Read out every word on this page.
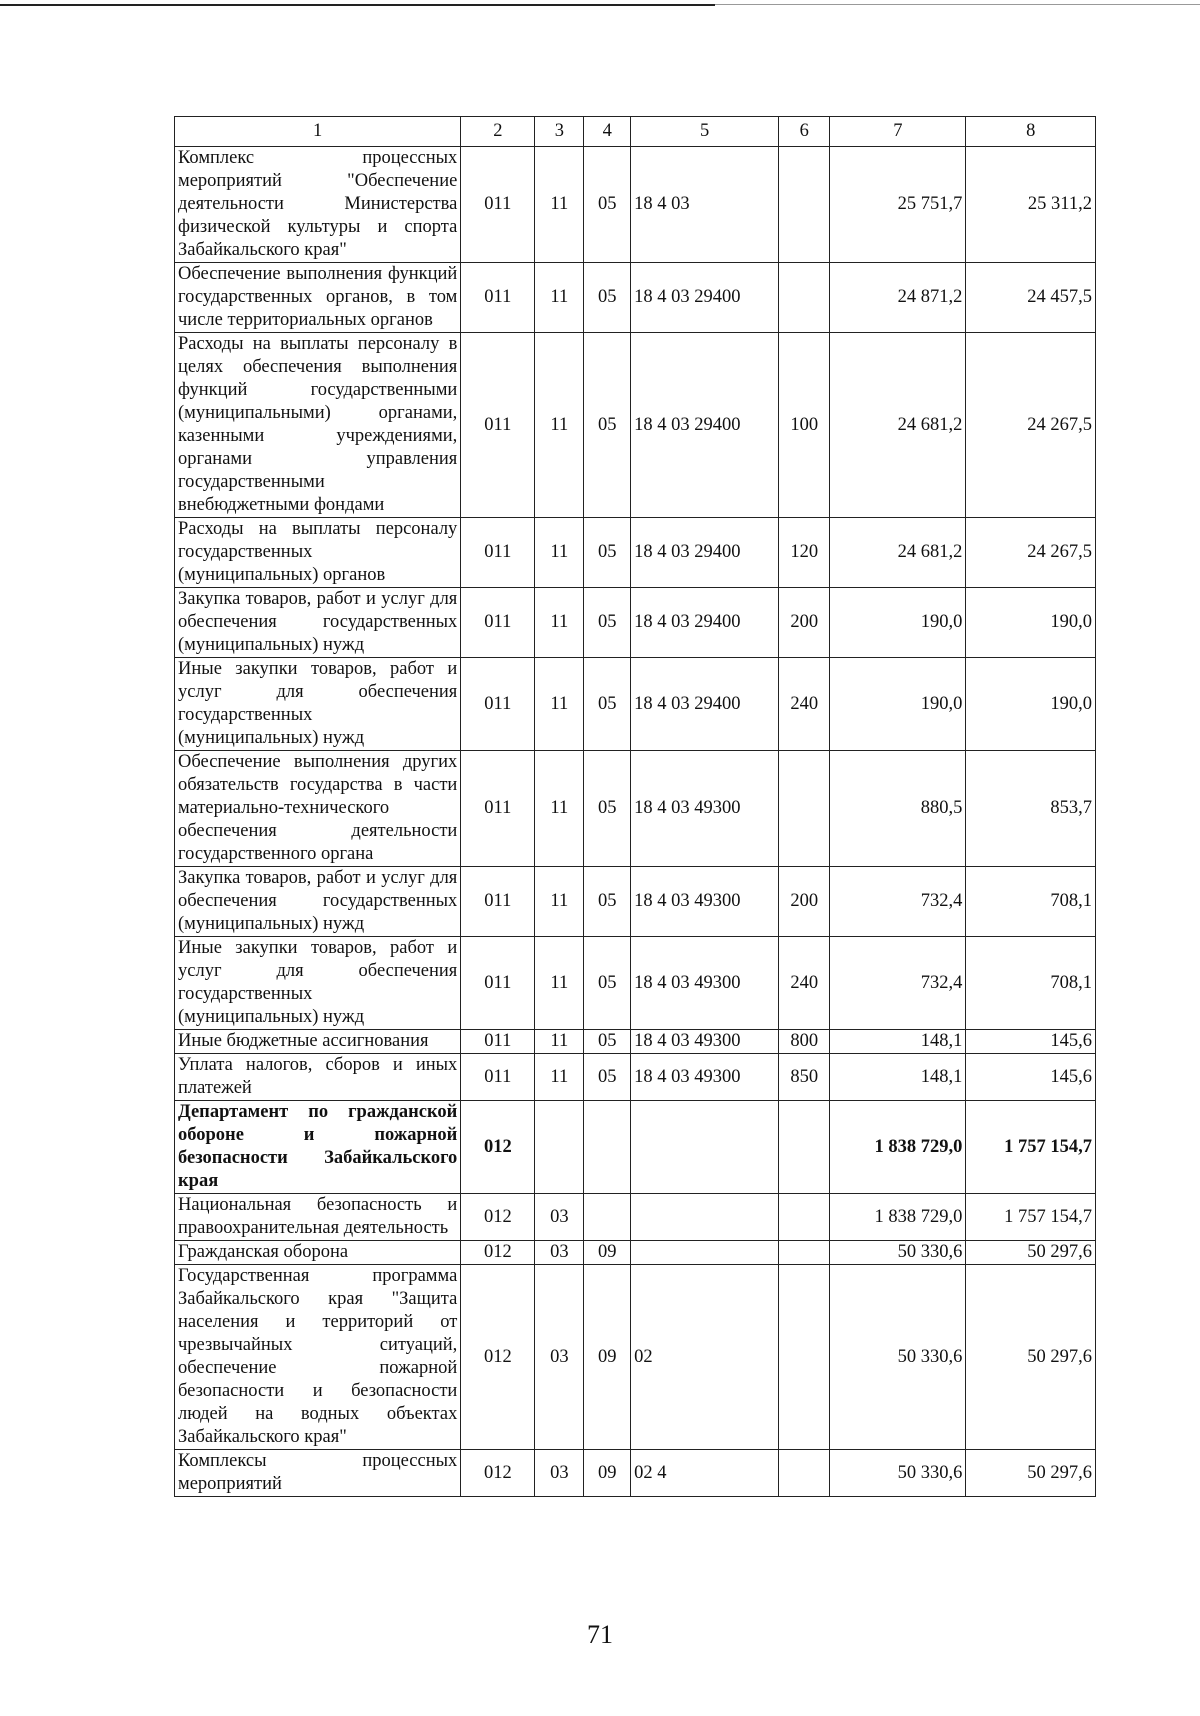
1	2	3	4	5	6	7	8
Комплекс процессных мероприятий "Обеспечение деятельности Министерства физической культуры и спорта Забайкальского края"	011	11	05	18 4 03		25 751,7	25 311,2
Обеспечение выполнения функций государственных органов, в том числе территориальных органов	011	11	05	18 4 03 29400		24 871,2	24 457,5
Расходы на выплаты персоналу в целях обеспечения выполнения функций государственными (муниципальными) органами, казенными учреждениями, органами управления государственными внебюджетными фондами	011	11	05	18 4 03 29400	100	24 681,2	24 267,5
Расходы на выплаты персоналу государственных (муниципальных) органов	011	11	05	18 4 03 29400	120	24 681,2	24 267,5
Закупка товаров, работ и услуг для обеспечения государственных (муниципальных) нужд	011	11	05	18 4 03 29400	200	190,0	190,0
Иные закупки товаров, работ и услуг для обеспечения государственных (муниципальных) нужд	011	11	05	18 4 03 29400	240	190,0	190,0
Обеспечение выполнения других обязательств государства в части материально-технического обеспечения деятельности государственного органа	011	11	05	18 4 03 49300		880,5	853,7
Закупка товаров, работ и услуг для обеспечения государственных (муниципальных) нужд	011	11	05	18 4 03 49300	200	732,4	708,1
Иные закупки товаров, работ и услуг для обеспечения государственных (муниципальных) нужд	011	11	05	18 4 03 49300	240	732,4	708,1
Иные бюджетные ассигнования	011	11	05	18 4 03 49300	800	148,1	145,6
Уплата налогов, сборов и иных платежей	011	11	05	18 4 03 49300	850	148,1	145,6
Департамент по гражданской обороне и пожарной безопасности Забайкальского края	012					1 838 729,0	1 757 154,7
Национальная безопасность и правоохранительная деятельность	012	03				1 838 729,0	1 757 154,7
Гражданская оборона	012	03	09			50 330,6	50 297,6
Государственная программа Забайкальского края "Защита населения и территорий от чрезвычайных ситуаций, обеспечение пожарной безопасности и безопасности людей на водных объектах Забайкальского края"	012	03	09	02		50 330,6	50 297,6
Комплексы процессных мероприятий	012	03	09	02 4		50 330,6	50 297,6
71
